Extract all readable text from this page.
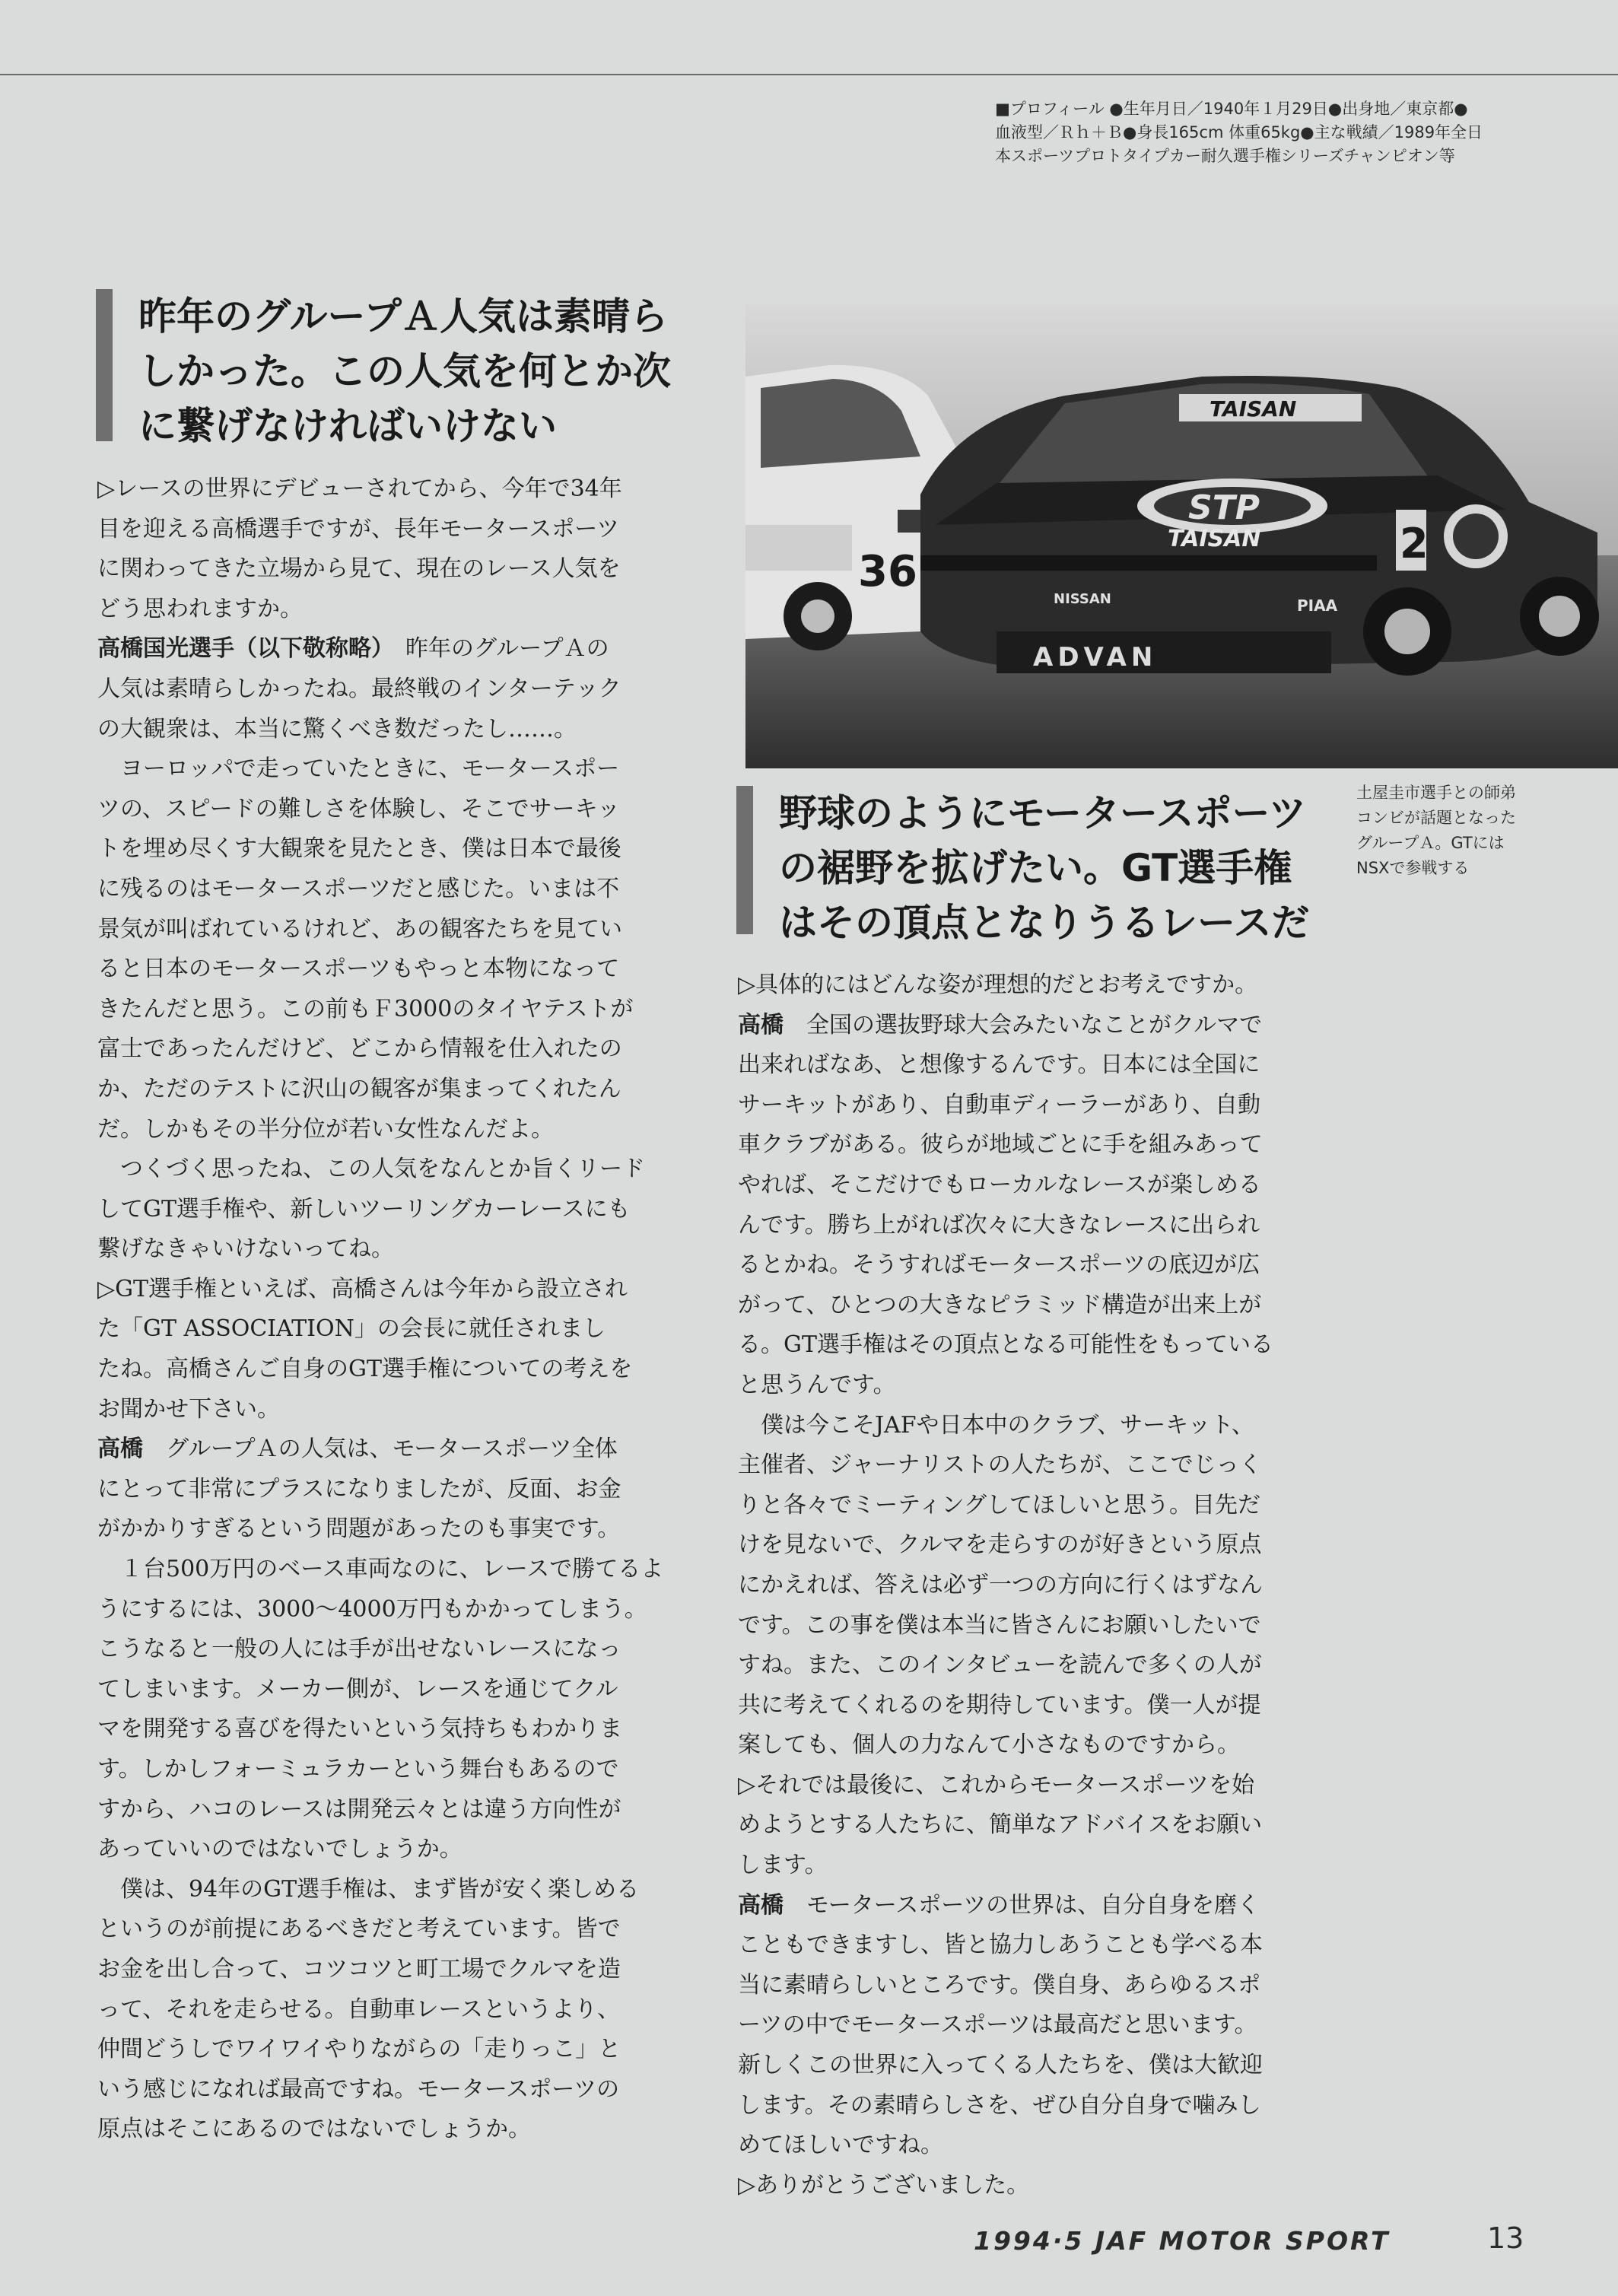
■プロフィール ●生年月日／1940年１月29日●出身地／東京都●
血液型／Ｒｈ＋Ｂ●身長165cm 体重65kg●主な戦績／1989年全日
本スポーツプロトタイプカー耐久選手権シリーズチャンピオン等
昨年のグループＡ人気は素晴ら
しかった。この人気を何とか次
に繋げなければいけない
▷レースの世界にデビューされてから、今年で34年
目を迎える高橋選手ですが、長年モータースポーツ
に関わってきた立場から見て、現在のレース人気を
どう思われますか。
高橋国光選手（以下敬称略）　昨年のグループＡの
人気は素晴らしかったね。最終戦のインターテック
の大観衆は、本当に驚くべき数だったし……。
ヨーロッパで走っていたときに、モータースポー
ツの、スピードの難しさを体験し、そこでサーキッ
トを埋め尽くす大観衆を見たとき、僕は日本で最後
に残るのはモータースポーツだと感じた。いまは不
景気が叫ばれているけれど、あの観客たちを見てい
ると日本のモータースポーツもやっと本物になって
きたんだと思う。この前もＦ3000のタイヤテストが
富士であったんだけど、どこから情報を仕入れたの
か、ただのテストに沢山の観客が集まってくれたん
だ。しかもその半分位が若い女性なんだよ。
つくづく思ったね、この人気をなんとか旨くリード
してGT選手権や、新しいツーリングカーレースにも
繋げなきゃいけないってね。
▷GT選手権といえば、高橋さんは今年から設立され
た「GT ASSOCIATION」の会長に就任されまし
たね。高橋さんご自身のGT選手権についての考えを
お聞かせ下さい。
高橋　グループＡの人気は、モータースポーツ全体
にとって非常にプラスになりましたが、反面、お金
がかかりすぎるという問題があったのも事実です。
１台500万円のベース車両なのに、レースで勝てるよ
うにするには、3000～4000万円もかかってしまう。
こうなると一般の人には手が出せないレースになっ
てしまいます。メーカー側が、レースを通じてクル
マを開発する喜びを得たいという気持ちもわかりま
す。しかしフォーミュラカーという舞台もあるので
すから、ハコのレースは開発云々とは違う方向性が
あっていいのではないでしょうか。
僕は、94年のGT選手権は、まず皆が安く楽しめる
というのが前提にあるべきだと考えています。皆で
お金を出し合って、コツコツと町工場でクルマを造
って、それを走らせる。自動車レースというより、
仲間どうしでワイワイやりながらの「走りっこ」と
いう感じになれば最高ですね。モータースポーツの
原点はそこにあるのではないでしょうか。
36
TAISAN
STP
TAISAN
NISSAN	PIAA
ADVAN
2
土屋圭市選手との師弟
コンビが話題となった
グループＡ。GTには
NSXで参戦する
野球のようにモータースポーツ
の裾野を拡げたい。GT選手権
はその頂点となりうるレースだ
▷具体的にはどんな姿が理想的だとお考えですか。
高橋　全国の選抜野球大会みたいなことがクルマで
出来ればなあ、と想像するんです。日本には全国に
サーキットがあり、自動車ディーラーがあり、自動
車クラブがある。彼らが地域ごとに手を組みあって
やれば、そこだけでもローカルなレースが楽しめる
んです。勝ち上がれば次々に大きなレースに出られ
るとかね。そうすればモータースポーツの底辺が広
がって、ひとつの大きなピラミッド構造が出来上が
る。GT選手権はその頂点となる可能性をもっている
と思うんです。
僕は今こそJAFや日本中のクラブ、サーキット、
主催者、ジャーナリストの人たちが、ここでじっく
りと各々でミーティングしてほしいと思う。目先だ
けを見ないで、クルマを走らすのが好きという原点
にかえれば、答えは必ず一つの方向に行くはずなん
です。この事を僕は本当に皆さんにお願いしたいで
すね。また、このインタビューを読んで多くの人が
共に考えてくれるのを期待しています。僕一人が提
案しても、個人の力なんて小さなものですから。
▷それでは最後に、これからモータースポーツを始
めようとする人たちに、簡単なアドバイスをお願い
します。
高橋　モータースポーツの世界は、自分自身を磨く
こともできますし、皆と協力しあうことも学べる本
当に素晴らしいところです。僕自身、あらゆるスポ
ーツの中でモータースポーツは最高だと思います。
新しくこの世界に入ってくる人たちを、僕は大歓迎
します。その素晴らしさを、ぜひ自分自身で噛みし
めてほしいですね。
▷ありがとうございました。
1994·5 JAF MOTOR SPORT	13
